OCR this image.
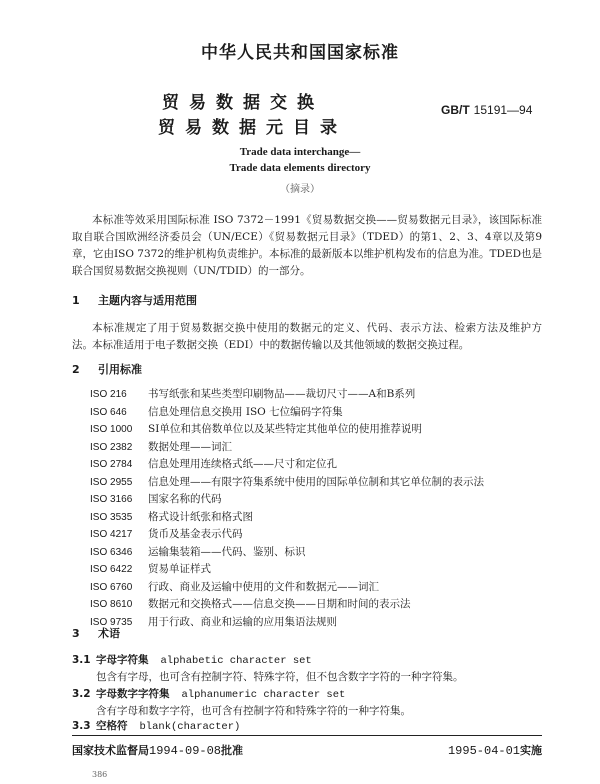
中华人民共和国国家标准
贸易数据交换
贸易数据元目录
GB/T 15191—94
Trade data interchange—
Trade data elements directory
（摘录）
本标准等效采用国际标准 ISO 7372－1991《贸易数据交换——贸易数据元目录》，该国际标准取自联合国欧洲经济委员会（UN/ECE）《贸易数据元目录》（TDED）的第1、2、3、4章以及第9章，它由ISO 7372的维护机构负责维护。本标准的最新版本以维护机构发布的信息为准。TDED也是联合国贸易数据交换视则（UN/TDID）的一部分。
1 主题内容与适用范围
本标准规定了用于贸易数据交换中使用的数据元的定义、代码、表示方法、检索方法及维护方法。 本标准适用于电子数据交换（EDI）中的数据传输以及其他领域的数据交换过程。
2 引用标准
ISO 216 书写纸张和某些类型印刷物品——裁切尺寸——A和B系列
ISO 646 信息处理信息交换用 ISO 七位编码字符集
ISO 1000 SI单位和其倍数单位以及某些特定其他单位的使用推荐说明
ISO 2382 数据处理——词汇
ISO 2784 信息处理用连续格式纸——尺寸和定位孔
ISO 2955 信息处理——有限字符集系统中使用的国际单位制和其它单位制的表示法
ISO 3166 国家名称的代码
ISO 3535 格式设计纸张和格式图
ISO 4217 货币及基金表示代码
ISO 6346 运输集装箱——代码、鉴别、标识
ISO 6422 贸易单证样式
ISO 6760 行政、商业及运输中使用的文件和数据元——词汇
ISO 8610 数据元和交换格式——信息交换——日期和时间的表示法
ISO 9735 用于行政、商业和运输的应用集语法规则
3 术语
3.1 字母字符集 alphabetic character set
包含有字母，也可含有控制字符、特殊字符，但不包含数字字符的一种字符集。
3.2 字母数字字符集 alphanumeric character set
含有字母和数字字符，也可含有控制字符和特殊字符的一种字符集。
3.3 空格符 blank(character)
国家技术监督局1994-09-08批准	1995-04-01实施
386
